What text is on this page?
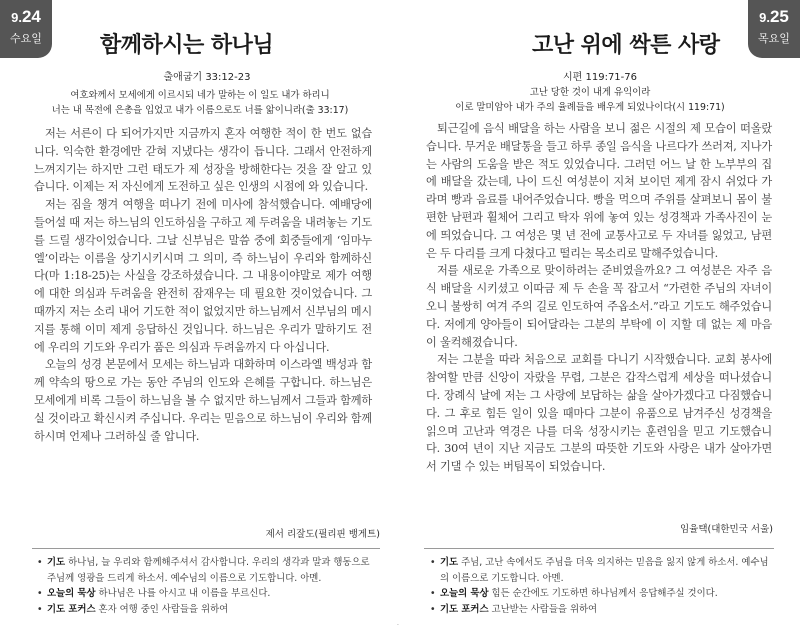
9.24
수요일	함께하시는 하나님
출애굽기 33:12-23
여호와께서 모세에게 이르시되 네가 말하는 이 일도 내가 하리니
너는 내 목전에 은총을 입었고 내가 이름으로도 너를 앎이니라(출 33:17)

저는 서른이 다 되어가지만 지금까지 혼자 여행한 적이 한 번도 없습니다. 익숙한 환경에만 갇혀 지냈다는 생각이 듭니다. 그래서 안전하게 느껴지기는 하지만 그런 태도가 제 성장을 방해한다는 것을 잘 알고 있습니다. 이제는 저 자신에게 도전하고 싶은 인생의 시점에 와 있습니다.

저는 짐을 챙겨 여행을 떠나기 전에 미사에 참석했습니다. 예배당에 들어설 때 저는 하느님의 인도하심을 구하고 제 두려움을 내려놓는 기도를 드릴 생각이었습니다. 그날 신부님은 말씀 중에 회중들에게 ‘임마누엘’이라는 이름을 상기시키시며 그 의미, 즉 하느님이 우리와 함께하신다(마 1:18-25)는 사실을 강조하셨습니다. 그 내용이야말로 제가 여행에 대한 의심과 두려움을 완전히 잠재우는 데 필요한 것이었습니다. 그때까지 저는 소리 내어 기도한 적이 없었지만 하느님께서 신부님의 메시지를 통해 이미 제게 응답하신 것입니다. 하느님은 우리가 말하기도 전에 우리의 기도와 우리가 품은 의심과 두려움까지 다 아십니다.

오늘의 성경 본문에서 모세는 하느님과 대화하며 이스라엘 백성과 함께 약속의 땅으로 가는 동안 주님의 인도와 은혜를 구합니다. 하느님은 모세에게 비록 그들이 하느님을 볼 수 없지만 하느님께서 그들과 함께하실 것이라고 확신시켜 주십니다. 우리는 믿음으로 하느님이 우리와 함께하시며 언제나 그러하실 줄 압니다.

제서 리잘도(필리핀 뱅게트)
• 기도 하나님, 늘 우리와 함께해주셔서 감사합니다. 우리의 생각과 말과 행동으로 주님께 영광을 드리게 하소서. 예수님의 이름으로 기도합니다. 아멘.
• 오늘의 묵상 하나님은 나를 아시고 내 이름을 부르신다.
• 기도 포커스 혼자 여행 중인 사람들을 위하여
9.25
목요일
고난 위에 싹튼 사랑
시편 119:71-76
고난 당한 것이 내게 유익이라
이로 말미암아 내가 주의 율례들을 배우게 되었나이다(시 119:71)

퇴근길에 음식 배달을 하는 사람을 보니 젊은 시절의 제 모습이 떠올랐습니다. 무거운 배달통을 들고 하루 종일 음식을 나르다가 쓰러져, 지나가는 사람의 도움을 받은 적도 있었습니다. 그러던 어느 날 한 노부부의 집에 배달을 갔는데, 나이 드신 여성분이 지쳐 보이던 제게 잠시 쉬었다 가라며 빵과 음료를 내어주었습니다. 빵을 먹으며 주위를 살펴보니 몸이 불편한 남편과 휠체어 그리고 탁자 위에 놓여 있는 성경책과 가족사진이 눈에 띄었습니다. 그 여성은 몇 년 전에 교통사고로 두 자녀를 잃었고, 남편은 두 다리를 크게 다쳤다고 떨리는 목소리로 말해주었습니다.

저를 새로운 가족으로 맞이하려는 준비였을까요? 그 여성분은 자주 음식 배달을 시키셨고 이따금 제 두 손을 꼭 잡고서 “가련한 주님의 자녀이오니 불쌍히 여겨 주의 길로 인도하여 주옵소서.”라고 기도도 해주었습니다. 저에게 양아들이 되어달라는 그분의 부탁에 이 지할 데 없는 제 마음이 울컥해졌습니다.

저는 그분을 따라 처음으로 교회를 다니기 시작했습니다. 교회 봉사에 참여할 만큼 신앙이 자랐을 무렵, 그분은 갑작스럽게 세상을 떠나셨습니다. 장례식 날에 저는 그 사랑에 보답하는 삶을 살아가겠다고 다짐했습니다. 그 후로 힘든 일이 있을 때마다 그분이 유품으로 남겨주신 성경책을 읽으며 고난과 역경은 나를 더욱 성장시키는 훈련임을 믿고 기도했습니다. 30여 년이 지난 지금도 그분의 따뜻한 기도와 사랑은 내가 살아가면서 기댈 수 있는 버팀목이 되었습니다.

임율택(대한민국 서울)
• 기도 주님, 고난 속에서도 주님을 더욱 의지하는 믿음을 잃지 않게 하소서. 예수님의 이름으로 기도합니다. 아멘.
• 오늘의 묵상 힘든 순간에도 기도하면 하나님께서 응답해주실 것이다.
• 기도 포커스 고난받는 사람들을 위하여
·
